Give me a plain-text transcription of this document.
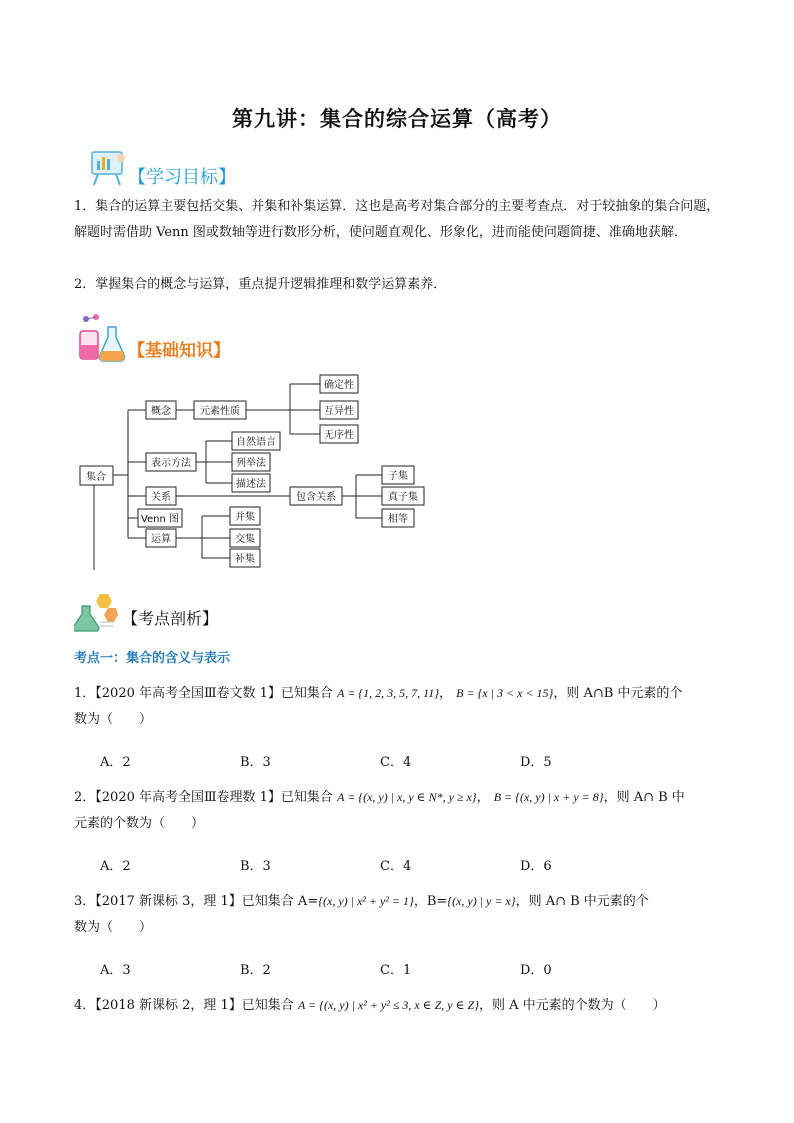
第九讲：集合的综合运算（高考）
【学习目标】
1．集合的运算主要包括交集、并集和补集运算．这也是高考对集合部分的主要考查点．对于较抽象的集合问题，解题时需借助 Venn 图或数轴等进行数形分析，使问题直观化、形象化，进而能使问题简捷、准确地获解．
2．掌握集合的概念与运算，重点提升逻辑推理和数学运算素养．
【基础知识】
集合
概念
表示方法
关系
Venn 图
运算
元素性质
确定性
互异性
无序性
自然语言
列举法
描述法
包含关系
子集
真子集
相等
并集
交集
补集
【考点剖析】
考点一：集合的含义与表示
1．【2020 年高考全国Ⅲ卷文数 1】已知集合 A = {1, 2, 3, 5, 7, 11}， B = {x | 3 < x < 15}，则 A∩B 中元素的个
数为（　　）
A．2	B．3	C．4	D．5
2．【2020 年高考全国Ⅲ卷理数 1】已知集合 A = {(x, y) | x, y ∈ N*, y ≥ x}， B = {(x, y) | x + y = 8}，则 A∩ B 中
元素的个数为（　　）
A．2	B．3	C．4	D．6
3．【2017 新课标 3，理 1】已知集合 A={(x, y) | x² + y² = 1}，B={(x, y) | y = x}，则 A∩ B 中元素的个
数为（　　）
A．3	B．2	C．1	D．0
4．【2018 新课标 2，理 1】已知集合 A = {(x, y) | x² + y² ≤ 3, x ∈ Z, y ∈ Z}，则 A 中元素的个数为（　　）
